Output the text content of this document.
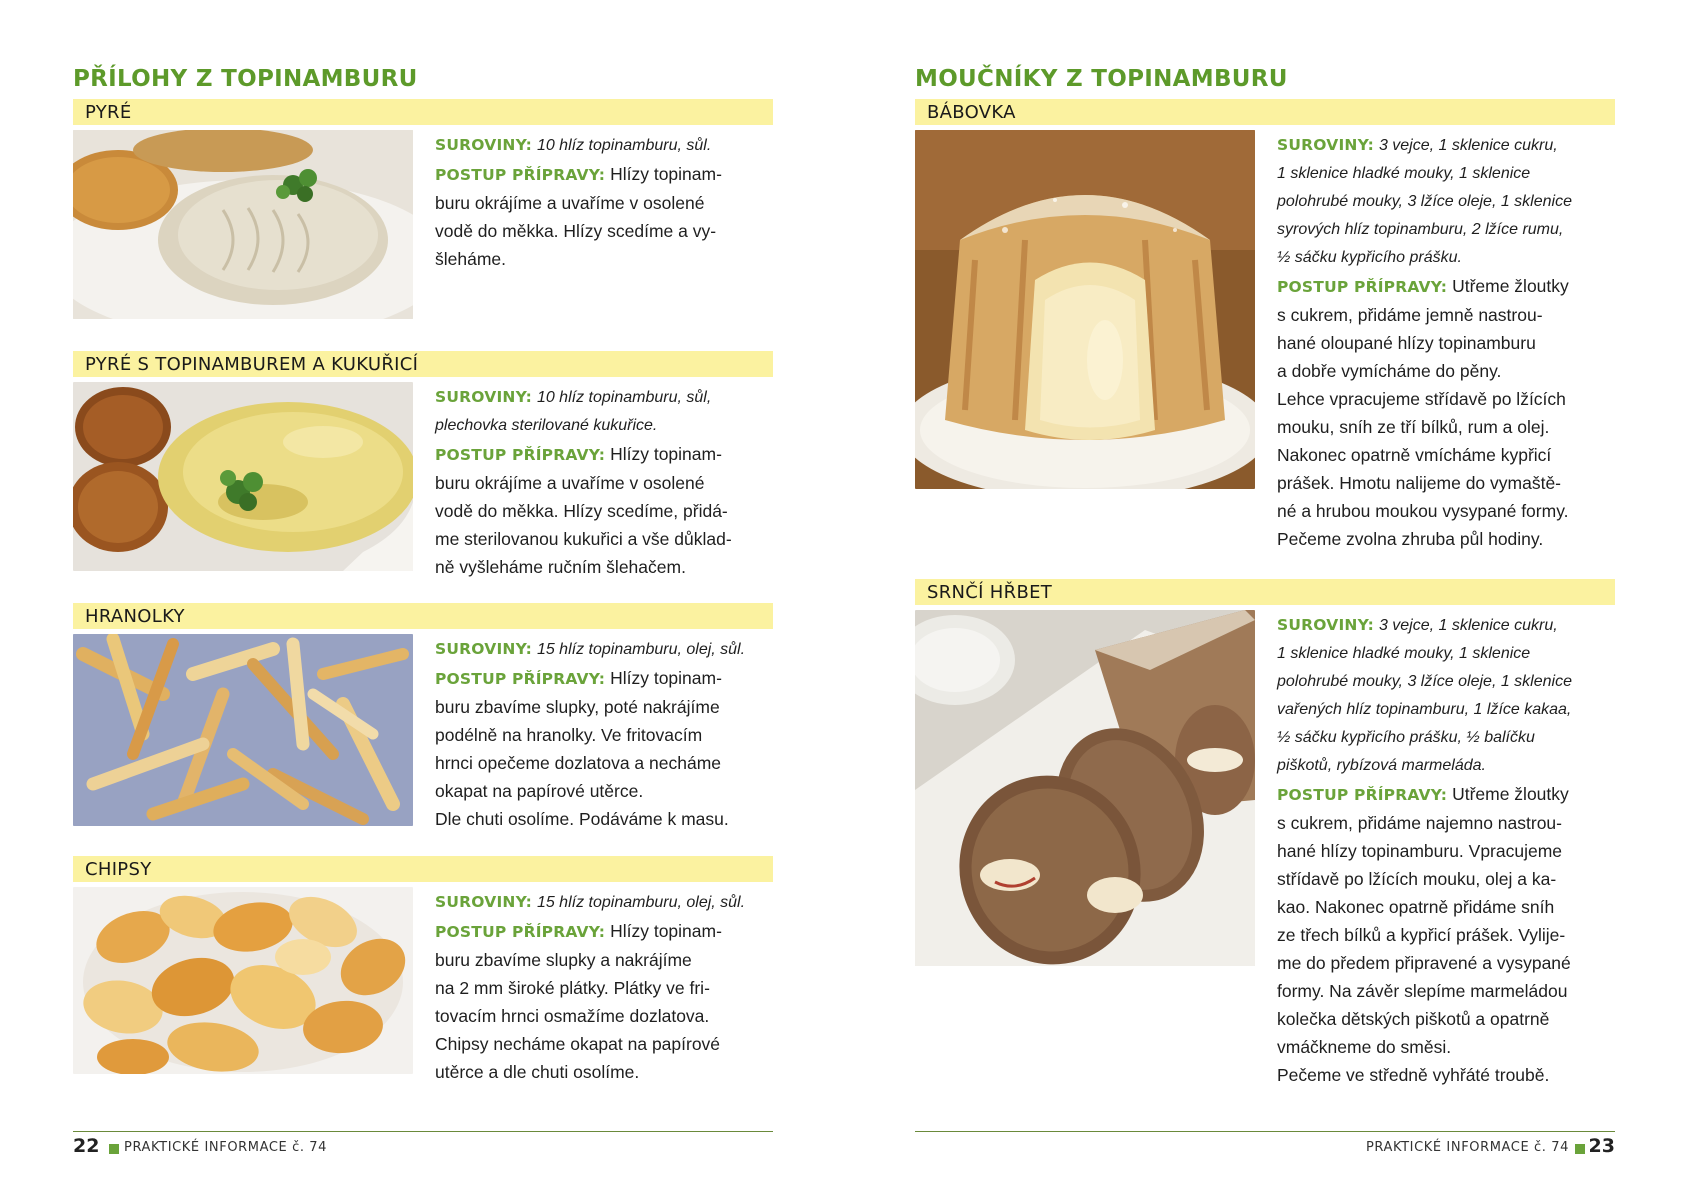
PŘÍLOHY Z TOPINAMBURU
PYRÉ

SUROVINY: 10 hlíz topinamburu, sůl.

POSTUP PŘÍPRAVY: Hlízy topinam-

buru okrájíme a uvaříme v osolené

vodě do měkka. Hlízy scedíme a vy-

šleháme.

PYRÉ S TOPINAMBUREM A KUKUŘICÍ

SUROVINY: 10 hlíz topinamburu, sůl,

plechovka sterilované kukuřice.

POSTUP PŘÍPRAVY: Hlízy topinam-

buru okrájíme a uvaříme v osolené

vodě do měkka. Hlízy scedíme, přidá-

me sterilovanou kukuřici a vše důklad-

ně vyšleháme ručním šlehačem.

HRANOLKY

SUROVINY: 15 hlíz topinamburu, olej, sůl.

POSTUP PŘÍPRAVY: Hlízy topinam-

buru zbavíme slupky, poté nakrájíme

podélně na hranolky. Ve fritovacím

hrnci opečeme dozlatova a necháme

okapat na papírové utěrce.

Dle chuti osolíme. Podáváme k masu.

CHIPSY

SUROVINY: 15 hlíz topinamburu, olej, sůl.

POSTUP PŘÍPRAVY: Hlízy topinam-

buru zbavíme slupky a nakrájíme

na 2 mm široké plátky. Plátky ve fri-

tovacím hrnci osmažíme dozlatova.

Chipsy necháme okapat na papírové

utěrce a dle chuti osolíme.

22 PRAKTICKÉ INFORMACE č. 74
MOUČNÍKY Z TOPINAMBURU
BÁBOVKA

SUROVINY: 3 vejce, 1 sklenice cukru,

1 sklenice hladké mouky, 1 sklenice

polohrubé mouky, 3 lžíce oleje, 1 sklenice

syrových hlíz topinamburu, 2 lžíce rumu,

½ sáčku kypřicího prášku.

POSTUP PŘÍPRAVY: Utřeme žloutky

s cukrem, přidáme jemně nastrou-

hané oloupané hlízy topinamburu

a dobře vymícháme do pěny.

Lehce vpracujeme střídavě po lžících

mouku, sníh ze tří bílků, rum a olej.

Nakonec opatrně vmícháme kypřicí

prášek. Hmotu nalijeme do vymaště-

né a hrubou moukou vysypané formy.

Pečeme zvolna zhruba půl hodiny.

SRNČÍ HŘBET

SUROVINY: 3 vejce, 1 sklenice cukru,

1 sklenice hladké mouky, 1 sklenice

polohrubé mouky, 3 lžíce oleje, 1 sklenice

vařených hlíz topinamburu, 1 lžíce kakaa,

½ sáčku kypřicího prášku, ½ balíčku

piškotů, rybízová marmeláda.

POSTUP PŘÍPRAVY: Utřeme žloutky

s cukrem, přidáme najemno nastrou-

hané hlízy topinamburu. Vpracujeme

střídavě po lžících mouku, olej a ka-

kao. Nakonec opatrně přidáme sníh

ze třech bílků a kypřicí prášek. Vylije-

me do předem připravené a vysypané

formy. Na závěr slepíme marmeládou

kolečka dětských piškotů a opatrně

vmáčkneme do směsi.

Pečeme ve středně vyhřáté troubě.

PRAKTICKÉ INFORMACE č. 74 23
